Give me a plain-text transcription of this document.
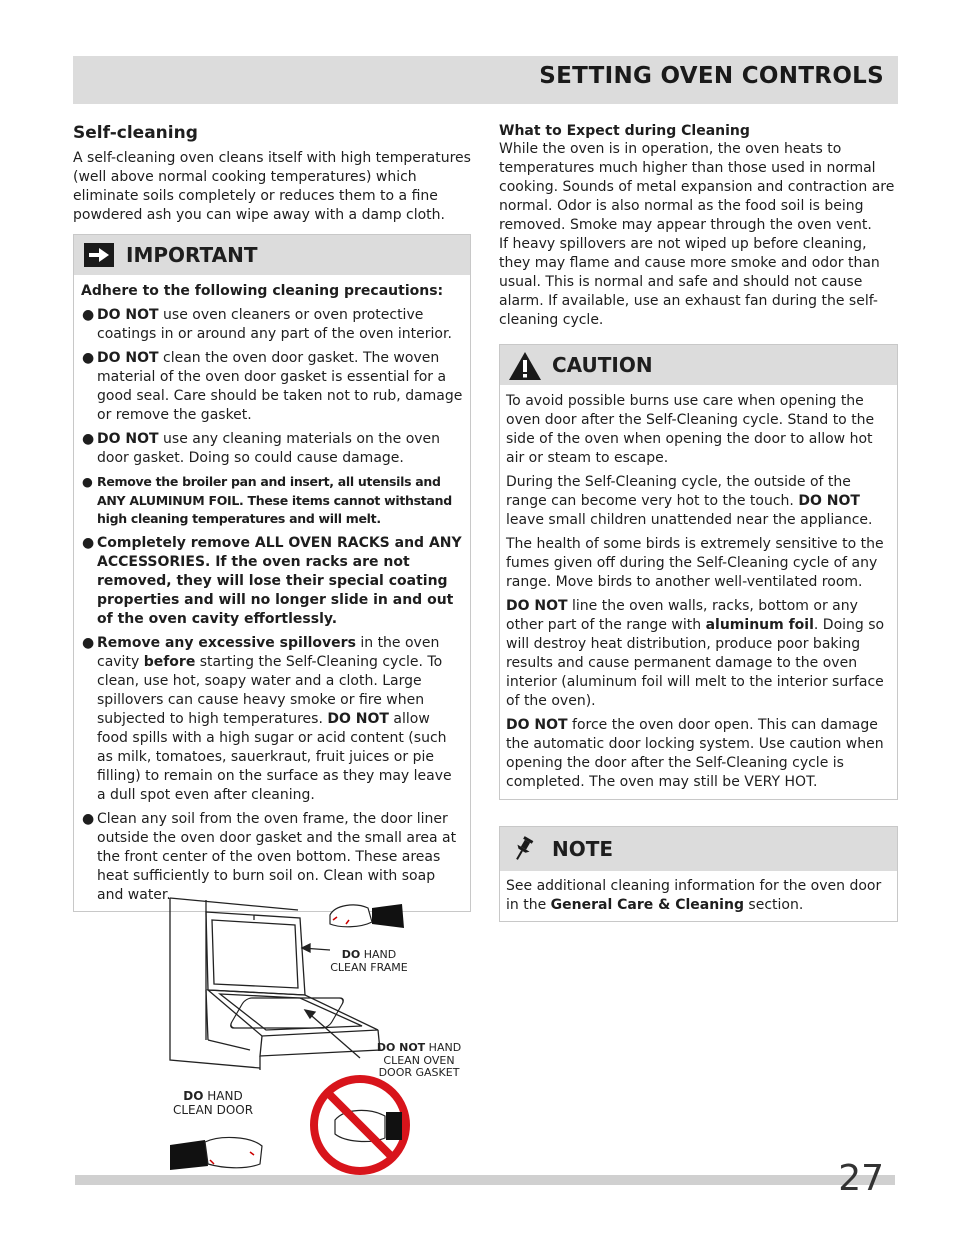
SETTING OVEN CONTROLS
Self-cleaning

A self-cleaning oven cleans itself with high temperatures (well above normal cooking temperatures) which eliminate soils completely or reduces them to a fine powdered ash you can wipe away with a damp cloth.

IMPORTANT

Adhere to the following cleaning precautions:

● DO NOT use oven cleaners or oven protective coatings in or around any part of the oven interior.
● DO NOT clean the oven door gasket. The woven material of the oven door gasket is essential for a good seal. Care should be taken not to rub, damage or remove the gasket.
● DO NOT use any cleaning materials on the oven door gasket. Doing so could cause damage.
● Remove the broiler pan and insert, all utensils and ANY ALUMINUM FOIL. These items cannot withstand high cleaning temperatures and will melt.
● Completely remove ALL OVEN RACKS and ANY ACCESSORIES. If the oven racks are not removed, they will lose their special coating properties and will no longer slide in and out of the oven cavity effortlessly.
● Remove any excessive spillovers in the oven cavity before starting the Self-Cleaning cycle. To clean, use hot, soapy water and a cloth. Large spillovers can cause heavy smoke or fire when subjected to high temperatures. DO NOT allow food spills with a high sugar or acid content (such as milk, tomatoes, sauerkraut, fruit juices or pie filling) to remain on the surface as they may leave a dull spot even after cleaning.
● Clean any soil from the oven frame, the door liner outside the oven door gasket and the small area at the front center of the oven bottom. These areas heat sufficiently to burn soil on. Clean with soap and water.
DO HAND
CLEAN FRAME
DO NOT HAND
CLEAN OVEN
DOOR GASKET
DO HAND
CLEAN DOOR
What to Expect during Cleaning

While the oven is in operation, the oven heats to temperatures much higher than those used in normal cooking. Sounds of metal expansion and contraction are normal. Odor is also normal as the food soil is being removed. Smoke may appear through the oven vent.

If heavy spillovers are not wiped up before cleaning, they may flame and cause more smoke and odor than usual. This is normal and safe and should not cause alarm. If available, use an exhaust fan during the self-cleaning cycle.

CAUTION

To avoid possible burns use care when opening the oven door after the Self-Cleaning cycle. Stand to the side of the oven when opening the door to allow hot air or steam to escape.

During the Self-Cleaning cycle, the outside of the range can become very hot to the touch. DO NOT leave small children unattended near the appliance.

The health of some birds is extremely sensitive to the fumes given off during the Self-Cleaning cycle of any range. Move birds to another well-ventilated room.

DO NOT line the oven walls, racks, bottom or any other part of the range with aluminum foil. Doing so will destroy heat distribution, produce poor baking results and cause permanent damage to the oven interior (aluminum foil will melt to the interior surface of the oven).

DO NOT force the oven door open. This can damage the automatic door locking system. Use caution when opening the door after the Self-Cleaning cycle is completed. The oven may still be VERY HOT.

NOTE

See additional cleaning information for the oven door in the General Care & Cleaning section.

27
